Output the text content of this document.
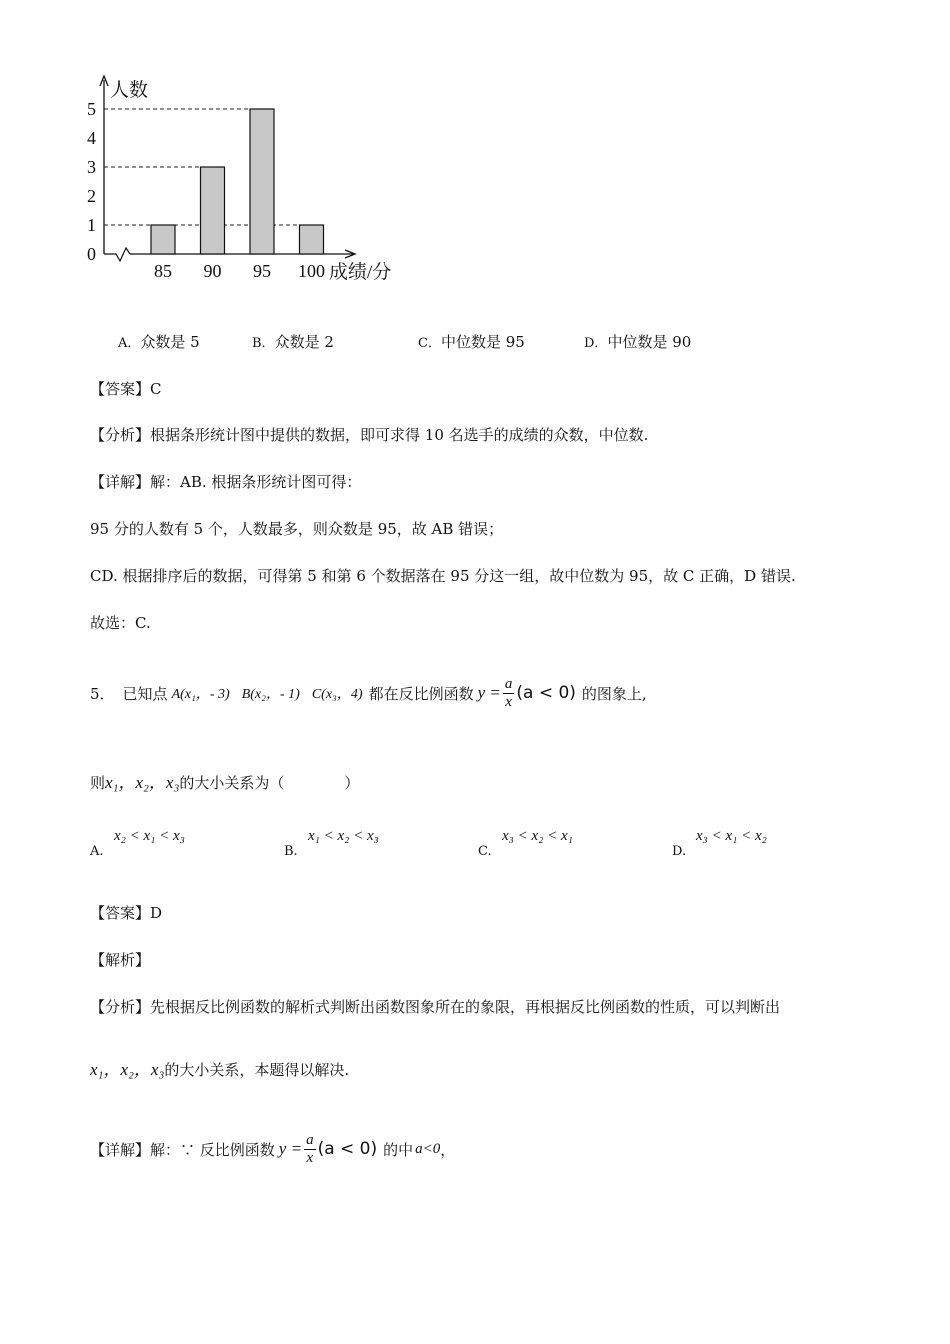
0
1
2
3
4
5
85 90 95 100
人数
成绩/分
A．众数是 5	B．众数是 2	C．中位数是 95	D．中位数是 90
【答案】C
【分析】根据条形统计图中提供的数据，即可求得 10 名选手的成绩的众数，中位数.
【详解】解：AB. 根据条形统计图可得：
95 分的人数有 5 个，人数最多，则众数是 95，故 AB 错误；
CD. 根据排序后的数据，可得第 5 和第 6 个数据落在 95 分这一组，故中位数为 95，故 C 正确，D 错误.
故选：C.
5． 已知点 A(x₁，- 3) B(x₂，- 1) C(x₃，4) 都在反比例函数 $y = \frac{a}{x} (a < 0)$ 的图象上,
则x₁，x₂，x₃的大小关系为（　　　　）
A.
x₂ < x₁ < x₃
B.
x₁ < x₂ < x₃
C.
x₃ < x₂ < x₁
D.
x₃ < x₁ < x₂
【答案】D
【解析】
【分析】先根据反比例函数的解析式判断出函数图象所在的象限，再根据反比例函数的性质，可以判断出
x₁，x₂，x₃的大小关系，本题得以解决.
【详解】 解：∵ 反比例函数 $y = \frac{a}{x} (a < 0)$ 的中 a<0 ，
